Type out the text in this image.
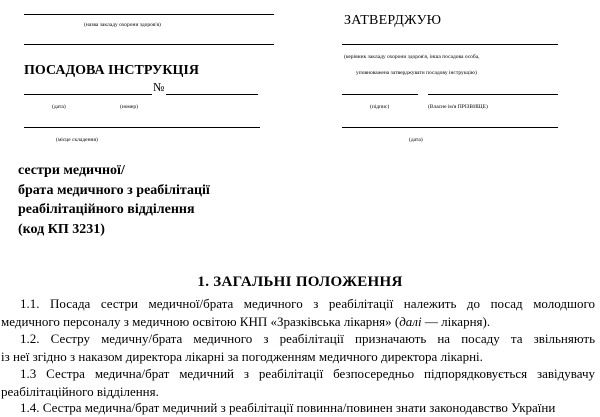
(назва закладу охорони здоров'я)
ПОСАДОВА ІНСТРУКЦІЯ
№
(дата)	(номер)
(місце складення)
ЗАТВЕРДЖУЮ
(керівник закладу охорони здоров'я, інша посадова особа,
уповноважена затверджувати посадову інструкцію)
(підпис)	(Власне ім'я ПРІЗВИЩЕ)
(дата)
сестри медичної/
брата медичного з реабілітації
реабілітаційного відділення
(код КП 3231)
1. ЗАГАЛЬНІ ПОЛОЖЕННЯ
1.1. Посада сестри медичної/брата медичного з реабілітації належить до посад молодшого
медичного персоналу з медичною освітою КНП «Зразківська лікарня» (далі — лікарня).
1.2. Сестру медичну/брата медичного з реабілітації призначають на посаду та звільняють
із неї згідно з наказом директора лікарні за погодженням медичного директора лікарні.
1.3 Сестра медична/брат медичний з реабілітації безпосередньо підпорядковується завідувачу
реабілітаційного відділення.
1.4. Сестра медична/брат медичний з реабілітації повинна/повинен знати законодавство України
